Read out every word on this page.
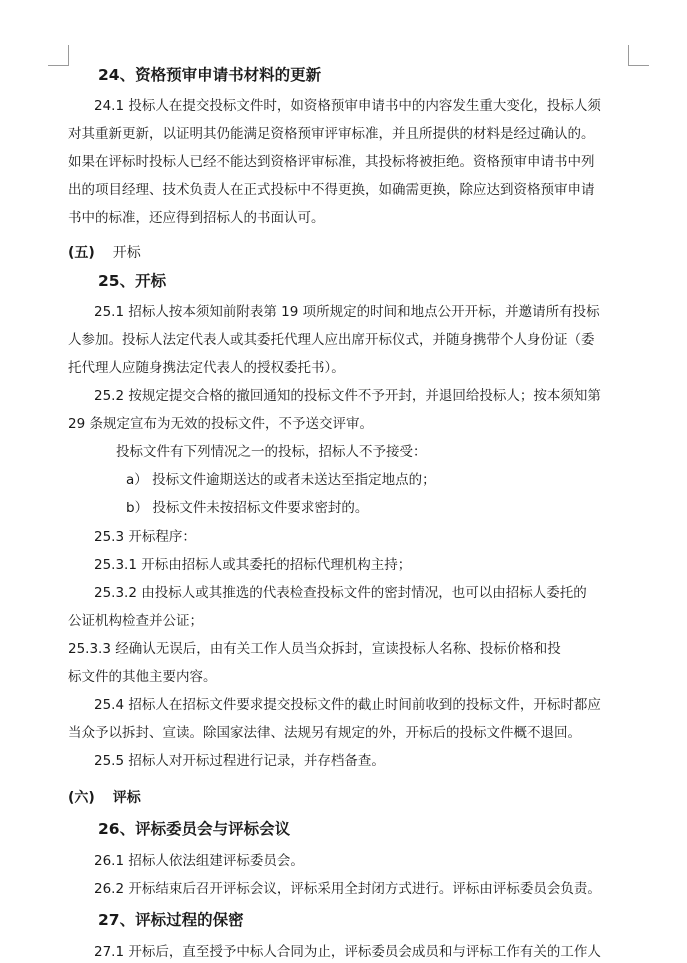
24、资格预审申请书材料的更新
24.1 投标人在提交投标文件时，如资格预审申请书中的内容发生重大变化，投标人须
对其重新更新，以证明其仍能满足资格预审评审标准，并且所提供的材料是经过确认的。
如果在评标时投标人已经不能达到资格评审标准，其投标将被拒绝。资格预审申请书中列
出的项目经理、技术负责人在正式投标中不得更换，如确需更换，除应达到资格预审申请
书中的标准，还应得到招标人的书面认可。
(五) 开标
25、开标
25.1 招标人按本须知前附表第 19 项所规定的时间和地点公开开标，并邀请所有投标
人参加。投标人法定代表人或其委托代理人应出席开标仪式，并随身携带个人身份证（委
托代理人应随身携法定代表人的授权委托书）。
25.2 按规定提交合格的撤回通知的投标文件不予开封，并退回给投标人；按本须知第
29 条规定宣布为无效的投标文件，不予送交评审。
投标文件有下列情况之一的投标，招标人不予接受：
a） 投标文件逾期送达的或者未送达至指定地点的；
b） 投标文件未按招标文件要求密封的。
25.3 开标程序：
25.3.1 开标由招标人或其委托的招标代理机构主持；
25.3.2 由投标人或其推选的代表检查投标文件的密封情况，也可以由招标人委托的
公证机构检查并公证；
25.3.3 经确认无误后，由有关工作人员当众拆封，宣读投标人名称、投标价格和投
标文件的其他主要内容。
25.4 招标人在招标文件要求提交投标文件的截止时间前收到的投标文件，开标时都应
当众予以拆封、宣读。除国家法律、法规另有规定的外，开标后的投标文件概不退回。
25.5 招标人对开标过程进行记录，并存档备查。
(六) 评标
26、评标委员会与评标会议
26.1 招标人依法组建评标委员会。
26.2 开标结束后召开评标会议，评标采用全封闭方式进行。评标由评标委员会负责。
27、评标过程的保密
27.1 开标后，直至授予中标人合同为止，评标委员会成员和与评标工作有关的工作人
